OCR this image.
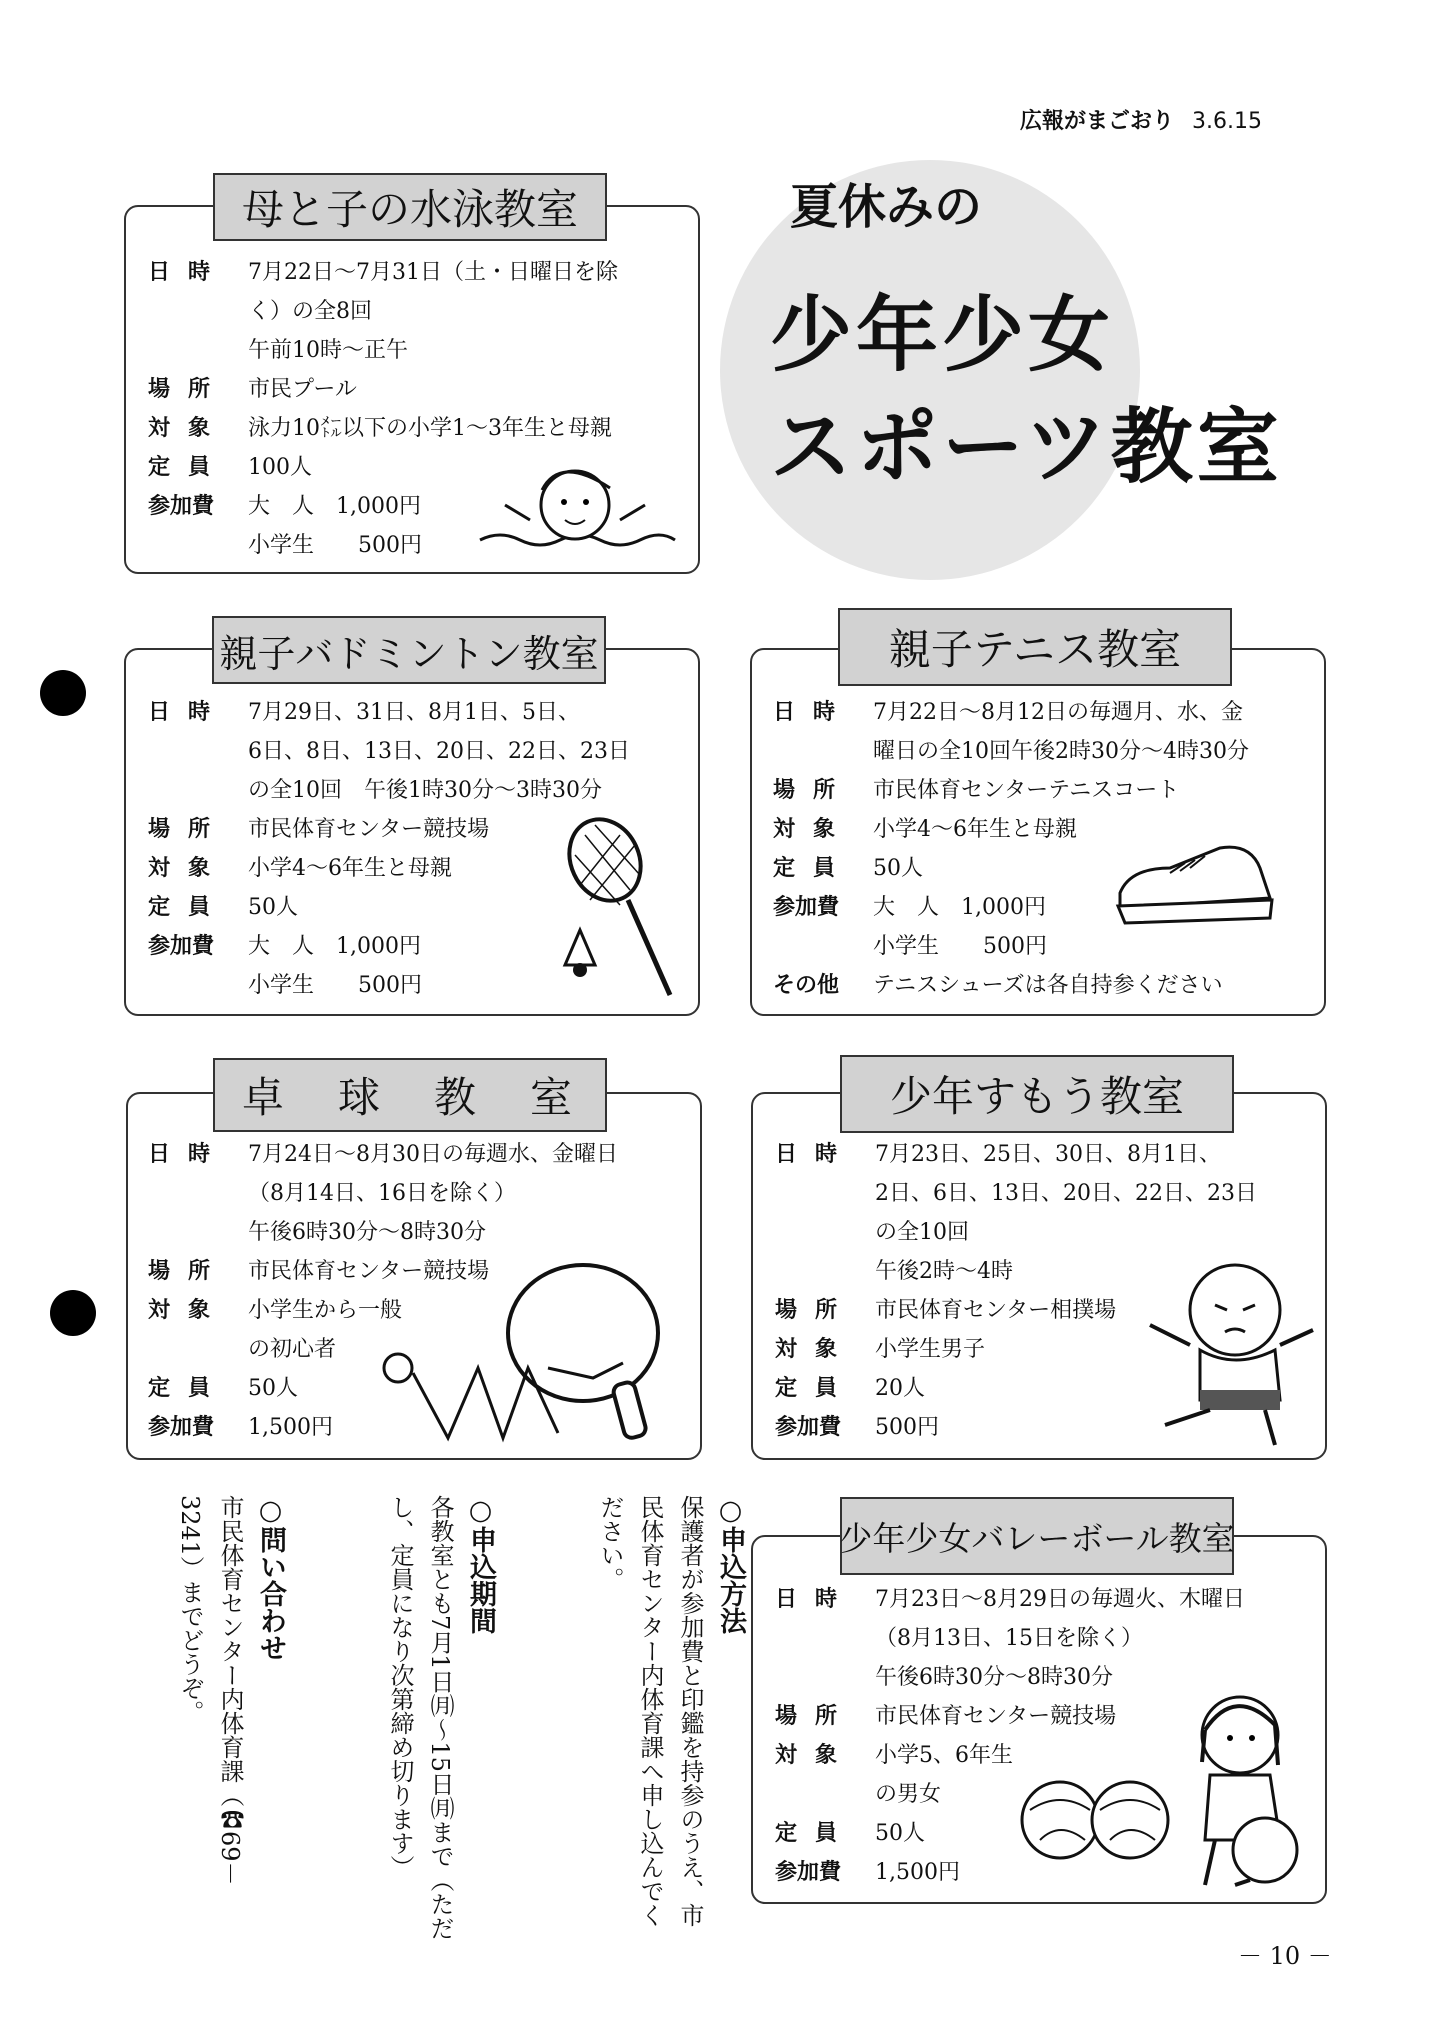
広報がまごおり 3.6.15
夏休みの
少年少女
スポーツ教室
母と子の水泳教室
日時 7月22日～7月31日（土・日曜日を除
く）の全8回
午前10時～正午
場所 市民プール
対象 泳力10㍍以下の小学1～3年生と母親
定員 100人
参加費	大　人　1,000円
小学生　　500円
親子バドミントン教室
日時 7月29日、31日、8月1日、5日、
6日、8日、13日、20日、22日、23日
の全10回　午後1時30分～3時30分
場所 市民体育センター競技場
対象 小学4～6年生と母親
定員 50人
参加費	大　人　1,000円
小学生　　500円
親子テニス教室
日時 7月22日～8月12日の毎週月、水、金
曜日の全10回午後2時30分～4時30分
場所 市民体育センターテニスコート
対象 小学4～6年生と母親
定員 50人
参加費	大　人　1,000円
小学生　　500円
その他	テニスシューズは各自持参ください
卓　球　教　室
日時 7月24日～8月30日の毎週水、金曜日
（8月14日、16日を除く）
午後6時30分～8時30分
場所 市民体育センター競技場
対象 小学生から一般
の初心者
定員 50人
参加費	1,500円
少年すもう教室
日時 7月23日、25日、30日、8月1日、
2日、6日、13日、20日、22日、23日
の全10回
午後2時～4時
場所 市民体育センター相撲場
対象 小学生男子
定員 20人
参加費	500円
少年少女バレーボール教室
日時 7月23日～8月29日の毎週火、木曜日
（8月13日、15日を除く）
午後6時30分～8時30分
場所 市民体育センター競技場
対象 小学5、6年生
の男女
定員 50人
参加費	1,500円
○申込方法
保護者が参加費と印鑑を持参のうえ、市民体育センター内体育課へ申し込んでください。
○申込期間
各教室とも7月1日㈪～15日㈪まで（ただし、定員になり次第締め切ります）
○問い合わせ
市民体育センター内体育課（☎69－3241）までどうぞ。
－ 10 －
